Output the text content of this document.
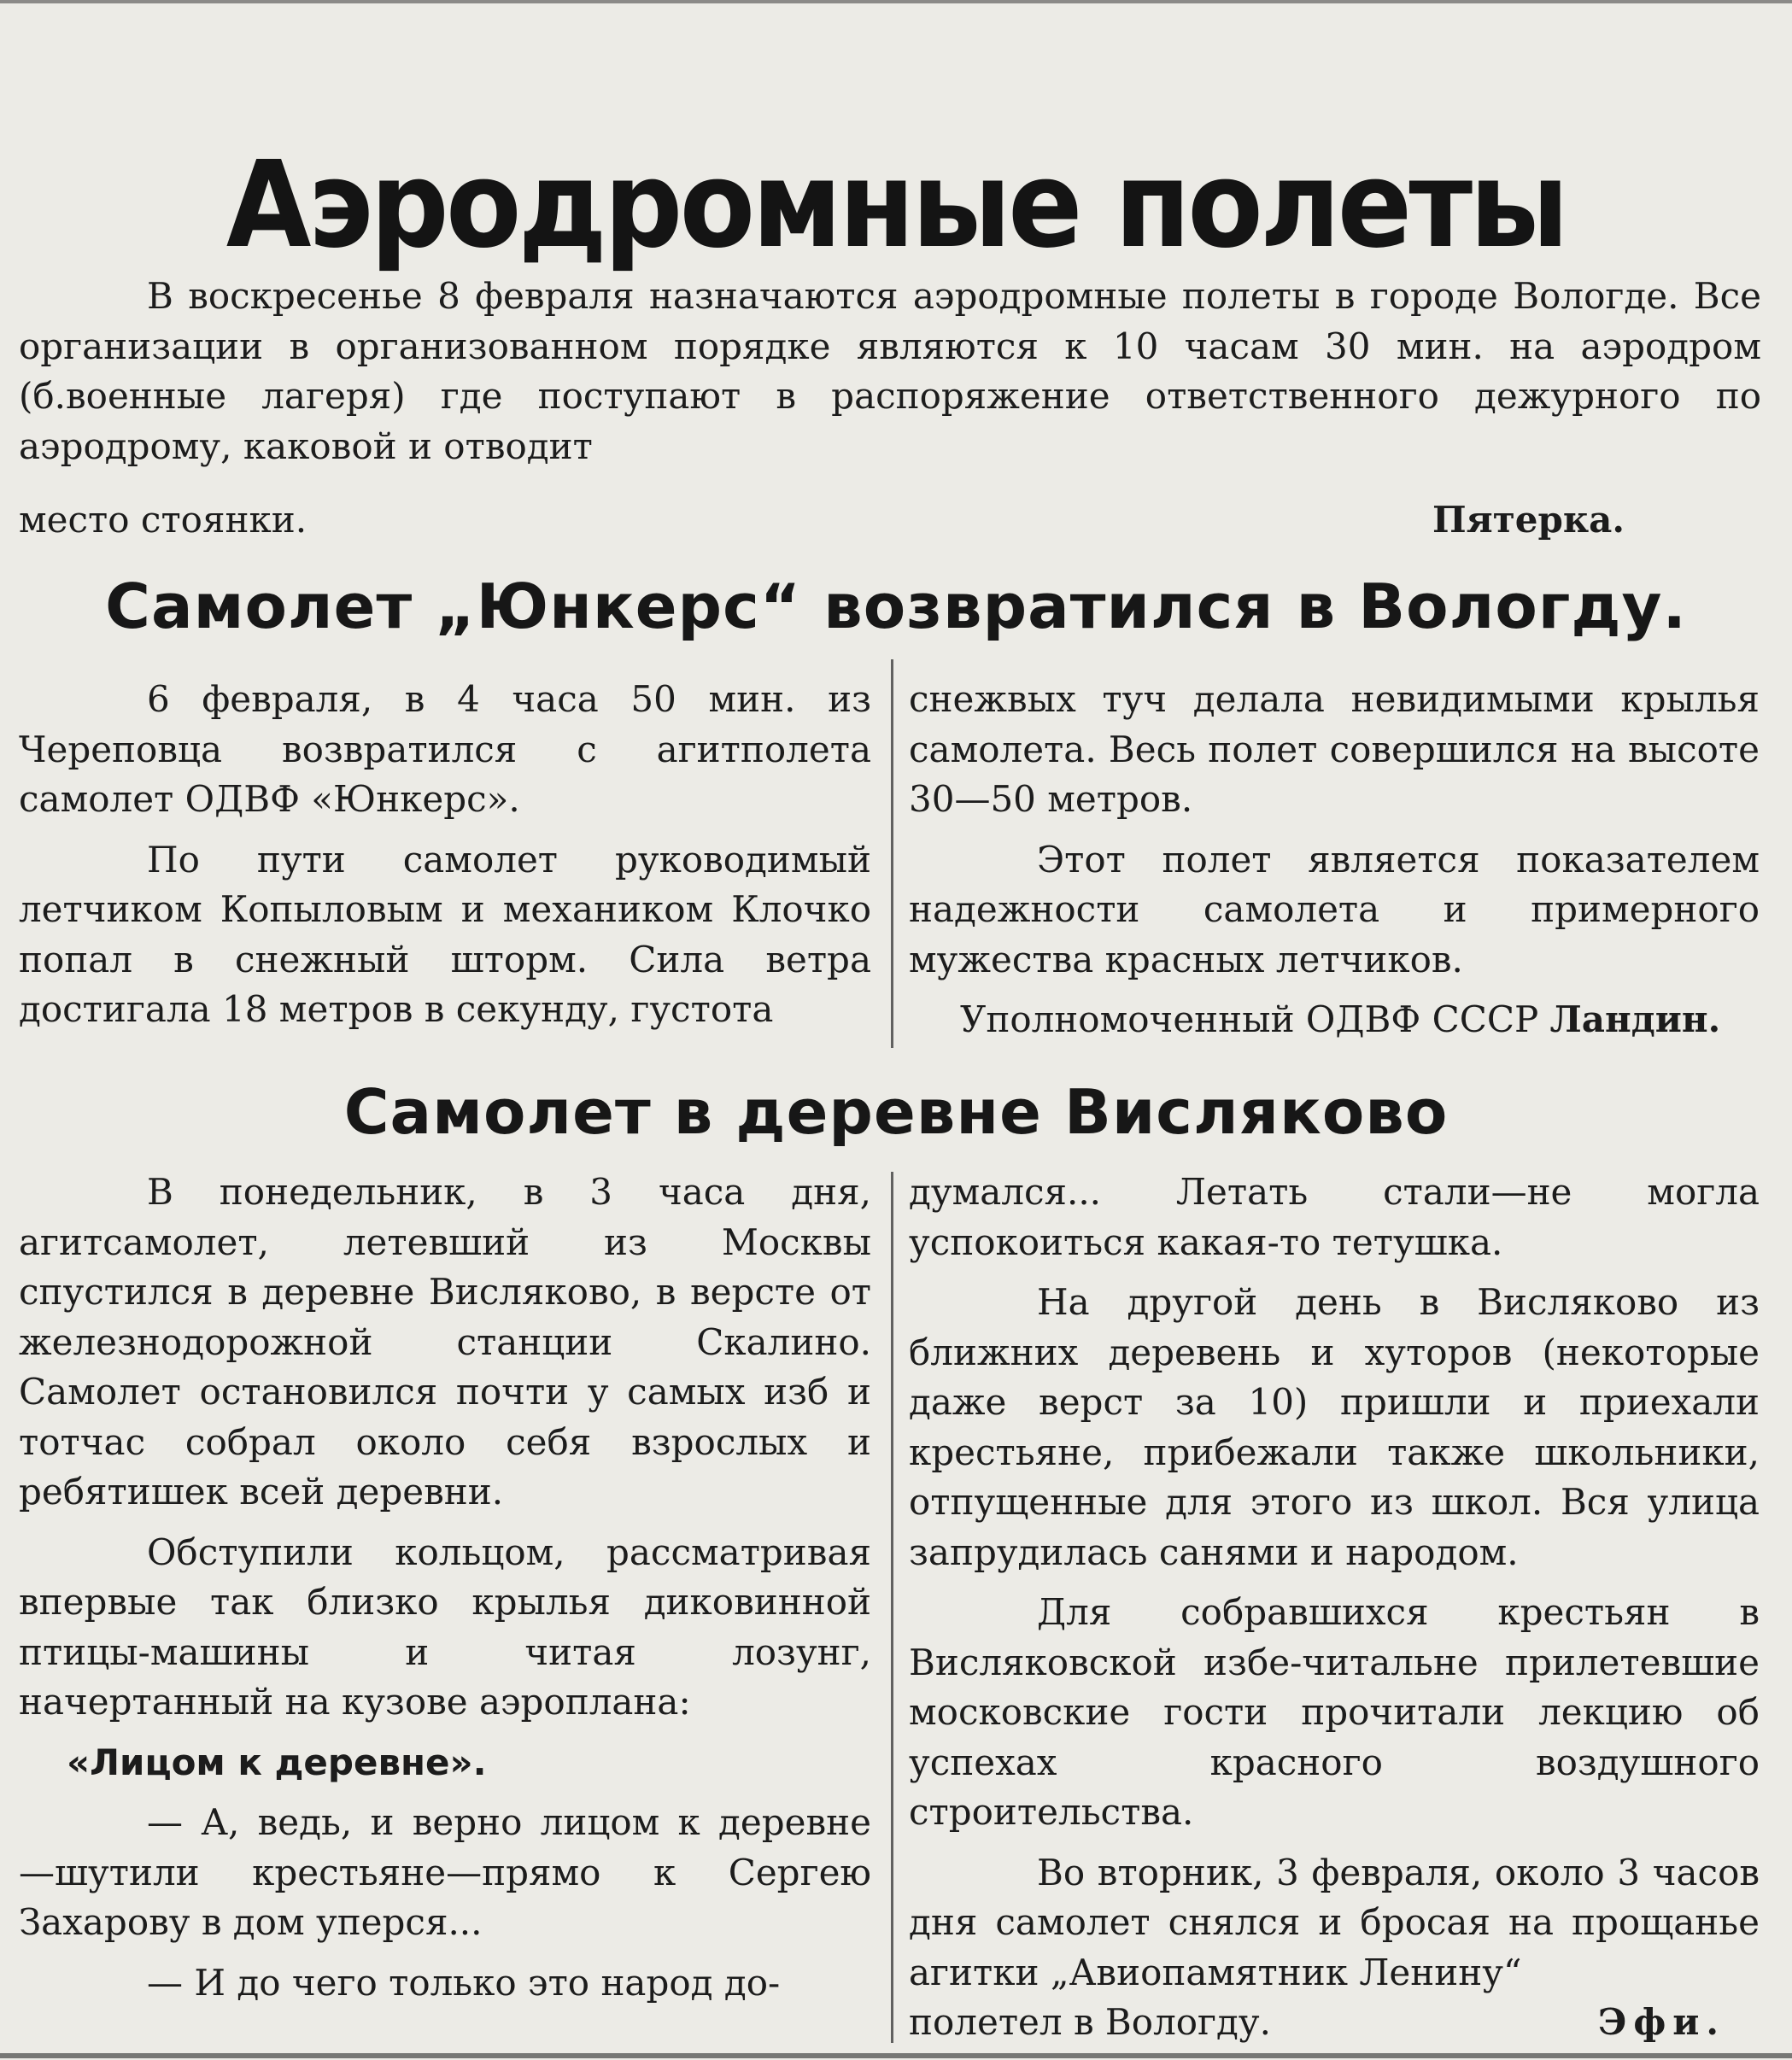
Аэродромные полеты

В воскресенье 8 февраля назначаются аэродромные полеты в городе Вологде. Все организации в организованном порядке являются к 10 часам 30 мин. на аэродром (б.военные лагеря) где поступают в распоряжение ответственного дежурного по аэродрому, каковой и отводит

место стоянки.	Пятерка.
Самолет „Юнкерс“ возвратился в Вологду.

6 февраля, в 4 часа 50 мин. из Череповца возвратился с агитполета самолет ОДВФ «Юнкерс».

По пути самолет руководимый летчиком Копыловым и механиком Клочко попал в снежный шторм. Сила ветра достигала 18 метров в секунду, густота

снежвых туч делала невидимыми крылья самолета. Весь полет совершился на высоте 30—50 метров.

Этот полет является показателем надежности самолета и примерного мужества красных летчиков.

Уполномоченный ОДВФ СССР Ландин.

Самолет в деревне Висляково

В понедельник, в 3 часа дня, агитсамолет, летевший из Москвы спустился в деревне Висляково, в версте от железнодорожной станции Скалино. Самолет остановился почти у самых изб и тотчас собрал около себя взрослых и ребятишек всей деревни.

Обступили кольцом, рассматривая впервые так близко крылья диковинной птицы-машины и читая лозунг, начертанный на кузове аэроплана:

«Лицом к деревне».

— А, ведь, и верно лицом к деревне —шутили крестьяне—прямо к Сергею Захарову в дом уперся...

— И до чего только это народ до-

думался... Летать стали—не могла успокоиться какая-то тетушка.

На другой день в Висляково из ближних деревень и хуторов (некоторые даже верст за 10) пришли и приехали крестьяне, прибежали также школьники, отпущенные для этого из школ. Вся улица запрудилась санями и народом.

Для собравшихся крестьян в Висляковской избе-читальне прилетевшие московские гости прочитали лекцию об успехах красного воздушного строительства.

Во вторник, 3 февраля, около 3 часов дня самолет снялся и бросая на прощанье агитки „Авиопамятник Ленину“

полетел в Вологду.	Эфи.
